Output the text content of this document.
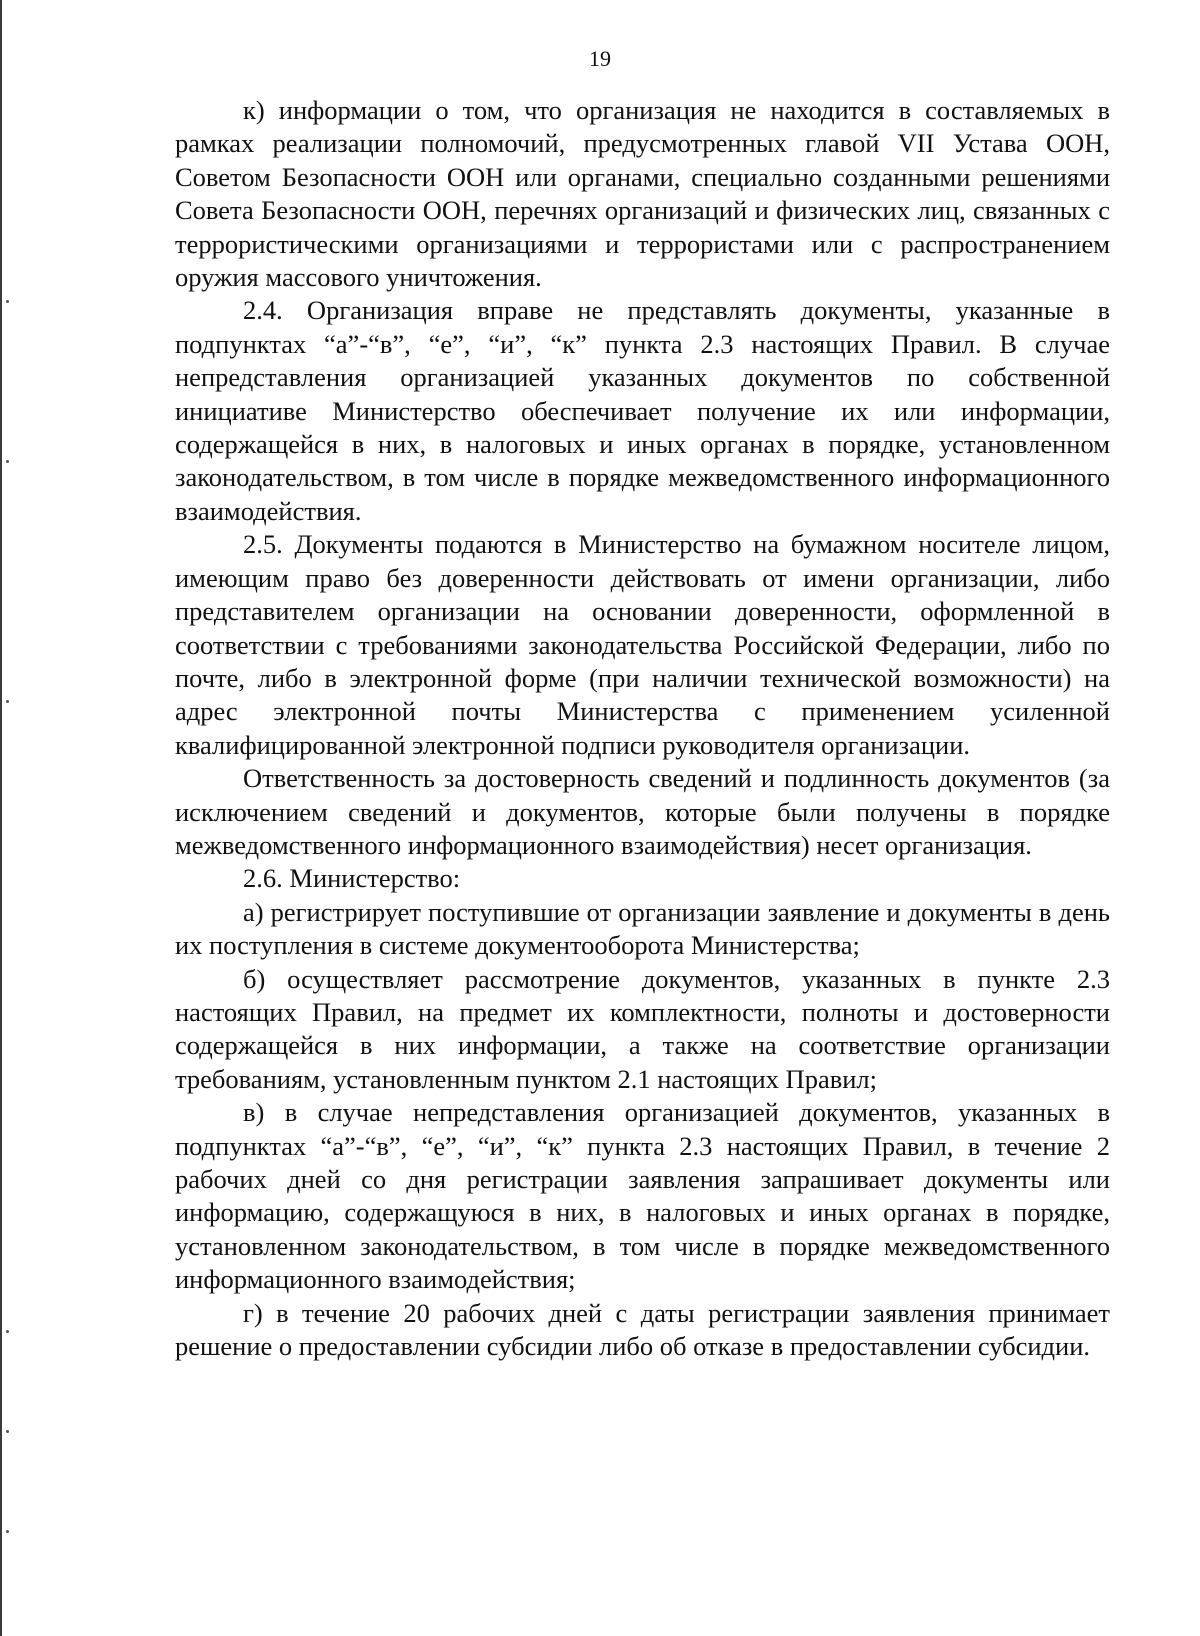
19

к) информации о том, что организация не находится в составляемых в рамках реализации полномочий, предусмотренных главой VII Устава ООН, Советом Безопасности ООН или органами, специально созданными решениями Совета Безопасности ООН, перечнях организаций и физических лиц, связанных с террористическими организациями и террористами или с распространением оружия массового уничтожения.

2.4. Организация вправе не представлять документы, указанные в подпунктах “а”-“в”, “е”, “и”, “к” пункта 2.3 настоящих Правил. В случае непредставления организацией указанных документов по собственной инициативе Министерство обеспечивает получение их или информации, содержащейся в них, в налоговых и иных органах в порядке, установленном законодательством, в том числе в порядке межведомственного информационного взаимодействия.

2.5. Документы подаются в Министерство на бумажном носителе лицом, имеющим право без доверенности действовать от имени организации, либо представителем организации на основании доверенности, оформленной в соответствии с требованиями законодательства Российской Федерации, либо по почте, либо в электронной форме (при наличии технической возможности) на адрес электронной почты Министерства с применением усиленной квалифицированной электронной подписи руководителя организации.

Ответственность за достоверность сведений и подлинность документов (за исключением сведений и документов, которые были получены в порядке межведомственного информационного взаимодействия) несет организация.

2.6. Министерство:

а) регистрирует поступившие от организации заявление и документы в день их поступления в системе документооборота Министерства;

б) осуществляет рассмотрение документов, указанных в пункте 2.3 настоящих Правил, на предмет их комплектности, полноты и достоверности содержащейся в них информации, а также на соответствие организации требованиям, установленным пунктом 2.1 настоящих Правил;

в) в случае непредставления организацией документов, указанных в подпунктах “а”-“в”, “е”, “и”, “к” пункта 2.3 настоящих Правил, в течение 2 рабочих дней со дня регистрации заявления запрашивает документы или информацию, содержащуюся в них, в налоговых и иных органах в порядке, установленном законодательством, в том числе в порядке межведомственного информационного взаимодействия;

г) в течение 20 рабочих дней с даты регистрации заявления принимает решение о предоставлении субсидии либо об отказе в предоставлении субсидии.
